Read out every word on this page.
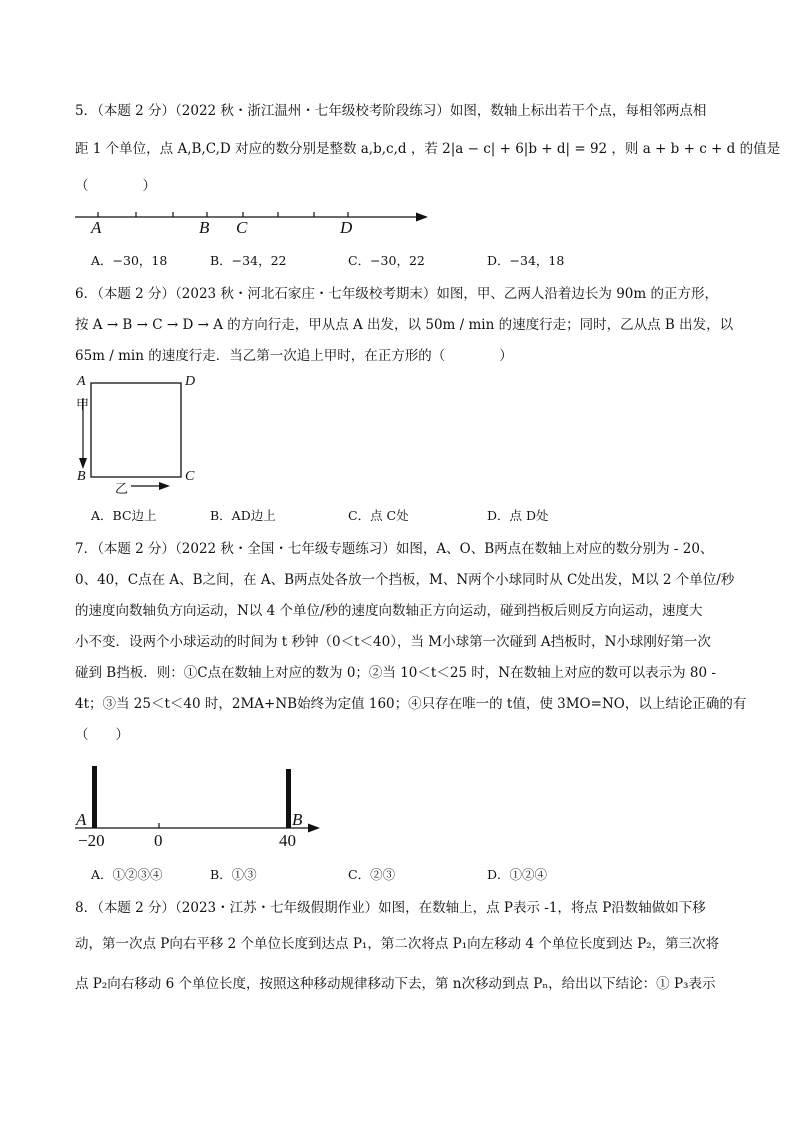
5．（本题 2 分）（2022 秋・浙江温州・七年级校考阶段练习）如图，数轴上标出若干个点，每相邻两点相
距 1 个单位，点 A,B,C,D 对应的数分别是整数 a,b,c,d ，若 2|a − c| + 6|b + d| = 92 ，则 a + b + c + d 的值是
（　　　　）
A	B C	D
A．−30，18	B．−34，22	C．−30，22	D．−34，18
6．（本题 2 分）（2023 秋・河北石家庄・七年级校考期末）如图，甲、乙两人沿着边长为 90m 的正方形，
按 A → B → C → D → A 的方向行走，甲从点 A 出发，以 50m / min 的速度行走；同时，乙从点 B 出发，以
65m / min 的速度行走．当乙第一次追上甲时，在正方形的（　　　　）
A	D
B	C
甲
乙
A．BC边上	B．AD边上	C．点 C处	D．点 D处
7．（本题 2 分）（2022 秋・全国・七年级专题练习）如图，A、O、B两点在数轴上对应的数分别为 - 20、
0、40，C点在 A、B之间，在 A、B两点处各放一个挡板，M、N两个小球同时从 C处出发，M以 2 个单位/秒
的速度向数轴负方向运动，N以 4 个单位/秒的速度向数轴正方向运动，碰到挡板后则反方向运动，速度大
小不变．设两个小球运动的时间为 t 秒钟（0＜t＜40），当 M小球第一次碰到 A挡板时，N小球刚好第一次
碰到 B挡板．则：①C点在数轴上对应的数为 0；②当 10＜t＜25 时，N在数轴上对应的数可以表示为 80 -
4t；③当 25＜t＜40 时，2MA+NB始终为定值 160；④只存在唯一的 t值，使 3MO=NO，以上结论正确的有
（　　）
A	B
−20	0	40
A．①②③④	B．①③	C．②③	D．①②④
8．（本题 2 分）（2023・江苏・七年级假期作业）如图，在数轴上，点 P表示 -1，将点 P沿数轴做如下移
动，第一次点 P向右平移 2 个单位长度到达点 P₁，第二次将点 P₁向左移动 4 个单位长度到达 P₂，第三次将
点 P₂向右移动 6 个单位长度，按照这种移动规律移动下去，第 n次移动到点 Pₙ，给出以下结论：① P₃表示
